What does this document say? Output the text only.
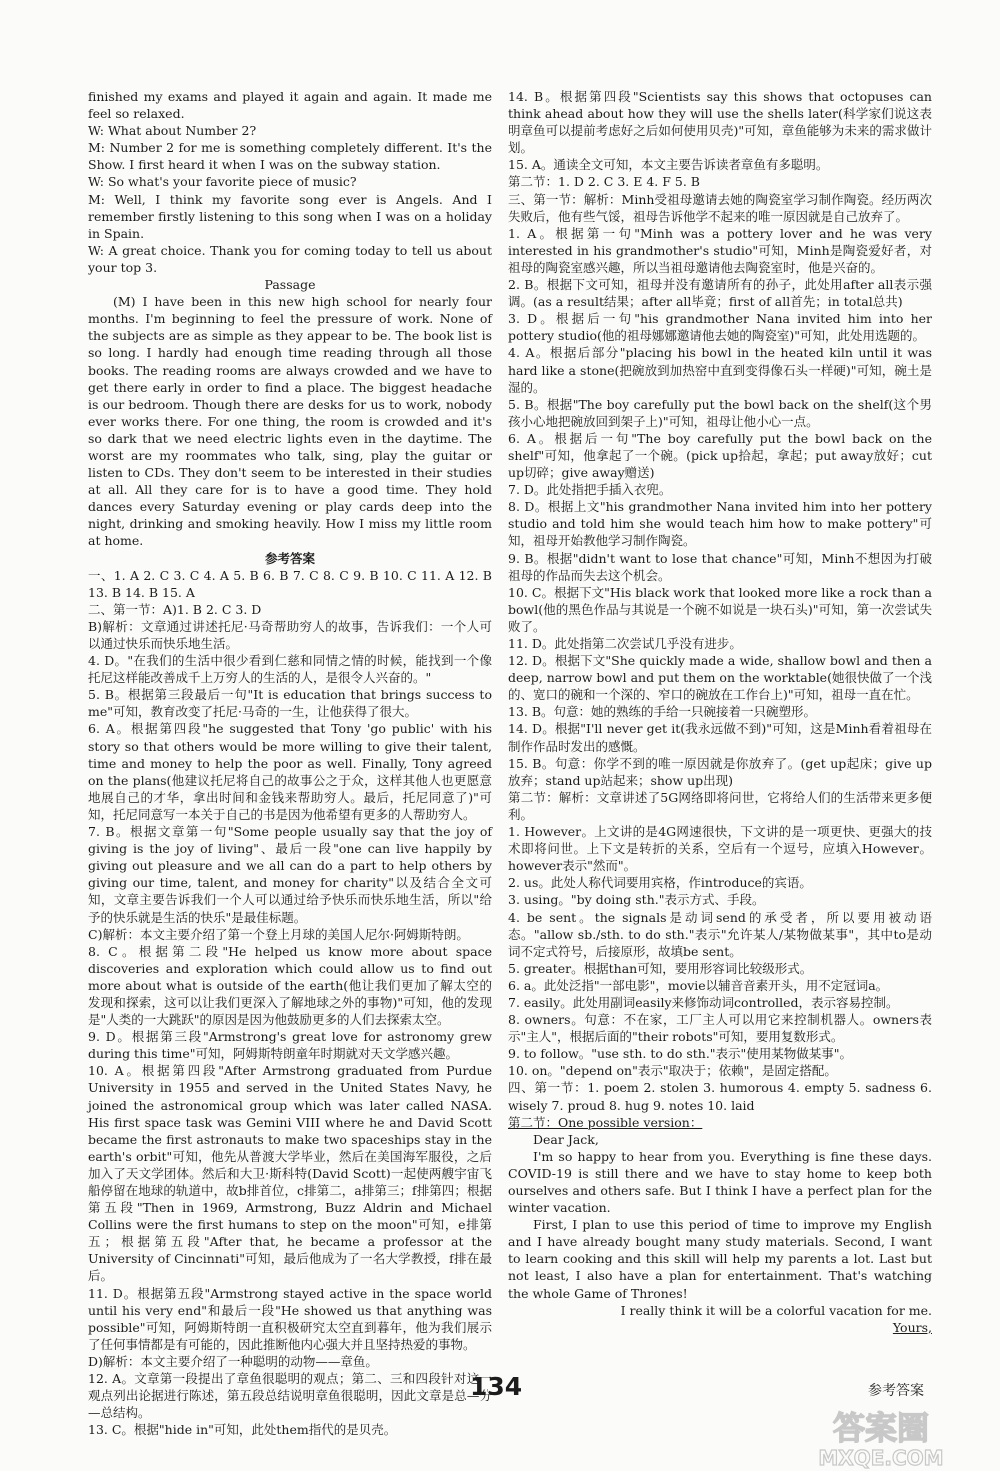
finished my exams and played it again and again. It made me feel so relaxed.

W: What about Number 2?

M: Number 2 for me is something completely different. It's the Show. I first heard it when I was on the subway station.

W: So what's your favorite piece of music?

M: Well, I think my favorite song ever is Angels. And I remember firstly listening to this song when I was on a holiday in Spain.

W: A great choice. Thank you for coming today to tell us about your top 3.

Passage

(M) I have been in this new high school for nearly four months. I'm beginning to feel the pressure of work. None of the subjects are as simple as they appear to be. The book list is so long. I hardly had enough time reading through all those books. The reading rooms are always crowded and we have to get there early in order to find a place. The biggest headache is our bedroom. Though there are desks for us to work, nobody ever works there. For one thing, the room is crowded and it's so dark that we need electric lights even in the daytime. The worst are my roommates who talk, sing, play the guitar or listen to CDs. They don't seem to be interested in their studies at all. All they care for is to have a good time. They hold dances every Saturday evening or play cards deep into the night, drinking and smoking heavily. How I miss my little room at home.

参考答案

一、1. A 2. C 3. C 4. A 5. B 6. B 7. C 8. C 9. B 10. C 11. A 12. B 13. B 14. B 15. A

二、第一节：A)1. B 2. C 3. D

B)解析：文章通过讲述托尼·马奇帮助穷人的故事，告诉我们：一个人可以通过快乐而快乐地生活。

4. D。"在我们的生活中很少看到仁慈和同情之情的时候，能找到一个像托尼这样能改善成千上万穷人的生活的人，是很令人兴奋的。"

5. B。根据第三段最后一句"It is education that brings success to me"可知，教育改变了托尼·马奇的一生，让他获得了很大。

6. A。根据第四段"he suggested that Tony 'go public' with his story so that others would be more willing to give their talent, time and money to help the poor as well. Finally, Tony agreed on the plans(他建议托尼将自己的故事公之于众，这样其他人也更愿意地展自己的才华，拿出时间和金钱来帮助穷人。最后，托尼同意了)"可知，托尼同意写一本关于自己的书是因为他希望有更多的人帮助穷人。

7. B。根据文章第一句"Some people usually say that the joy of giving is the joy of living"、最后一段"one can live happily by giving out pleasure and we all can do a part to help others by giving our time, talent, and money for charity"以及结合全文可知，文章主要告诉我们一个人可以通过给予快乐而快乐地生活，所以"给予的快乐就是生活的快乐"是最佳标题。

C)解析：本文主要介绍了第一个登上月球的美国人尼尔·阿姆斯特朗。

8. C。根据第二段"He helped us know more about space discoveries and exploration which could allow us to find out more about what is outside of the earth(他让我们更加了解太空的发现和探索，这可以让我们更深入了解地球之外的事物)"可知，他的发现是"人类的一大跳跃"的原因是因为他鼓励更多的人们去探索太空。

9. D。根据第三段"Armstrong's great love for astronomy grew during this time"可知，阿姆斯特朗童年时期就对天文学感兴趣。

10. A。根据第四段"After Armstrong graduated from Purdue University in 1955 and served in the United States Navy, he joined the astronomical group which was later called NASA. His first space task was Gemini VIII where he and David Scott became the first astronauts to make two spaceships stay in the earth's orbit"可知，他先从普渡大学毕业，然后在美国海军服役，之后加入了天文学团体。然后和大卫·斯科特(David Scott)一起使两艘宇宙飞船停留在地球的轨道中，故b排首位，c排第二，a排第三；f排第四；根据第五段"Then in 1969, Armstrong, Buzz Aldrin and Michael Collins were the first humans to step on the moon"可知，e排第五；根据第五段"After that, he became a professor at the University of Cincinnati"可知，最后他成为了一名大学教授，f排在最后。

11. D。根据第五段"Armstrong stayed active in the space world until his very end"和最后一段"He showed us that anything was possible"可知，阿姆斯特朗一直积极研究太空直到暮年，他为我们展示了任何事情都是有可能的，因此推断他内心强大并且坚持热爱的事物。

D)解析：本文主要介绍了一种聪明的动物——章鱼。

12. A。文章第一段提出了章鱼很聪明的观点；第二、三和四段针对这一观点列出论据进行陈述，第五段总结说明章鱼很聪明，因此文章是总—分—总结构。

13. C。根据"hide in"可知，此处them指代的是贝壳。

14. B。根据第四段"Scientists say this shows that octopuses can think ahead about how they will use the shells later(科学家们说这表明章鱼可以提前考虑好之后如何使用贝壳)"可知，章鱼能够为未来的需求做计划。

15. A。通读全文可知，本文主要告诉读者章鱼有多聪明。

第二节：1. D 2. C 3. E 4. F 5. B

三、第一节：解析：Minh受祖母邀请去她的陶瓷室学习制作陶瓷。经历两次失败后，他有些气馁，祖母告诉他学不起来的唯一原因就是自己放弃了。

1. A。根据第一句"Minh was a pottery lover and he was very interested in his grandmother's studio"可知，Minh是陶瓷爱好者，对祖母的陶瓷室感兴趣，所以当祖母邀请他去陶瓷室时，他是兴奋的。

2. B。根据下文可知，祖母并没有邀请所有的孙子，此处用after all表示强调。(as a result结果；after all毕竟；first of all首先；in total总共)

3. D。根据后一句"his grandmother Nana invited him into her pottery studio(他的祖母娜娜邀请他去她的陶瓷室)"可知，此处用选题的。

4. A。根据后部分"placing his bowl in the heated kiln until it was hard like a stone(把碗放到加热窑中直到变得像石头一样硬)"可知，碗土是湿的。

5. B。根据"The boy carefully put the bowl back on the shelf(这个男孩小心地把碗放回到架子上)"可知，祖母让他小心一点。

6. A。根据后一句"The boy carefully put the bowl back on the shelf"可知，他拿起了一个碗。(pick up拾起，拿起；put away放好；cut up切碎；give away赠送)

7. D。此处指把手插入衣兜。

8. D。根据上文"his grandmother Nana invited him into her pottery studio and told him she would teach him how to make pottery"可知，祖母开始教他学习制作陶瓷。

9. B。根据"didn't want to lose that chance"可知，Minh不想因为打破祖母的作品而失去这个机会。

10. C。根据下文"His black work that looked more like a rock than a bowl(他的黑色作品与其说是一个碗不如说是一块石头)"可知，第一次尝试失败了。

11. D。此处指第二次尝试几乎没有进步。

12. D。根据下文"She quickly made a wide, shallow bowl and then a deep, narrow bowl and put them on the worktable(她很快做了一个浅的、宽口的碗和一个深的、窄口的碗放在工作台上)"可知，祖母一直在忙。

13. B。句意：她的熟练的手给一只碗接着一只碗塑形。

14. D。根据"I'll never get it(我永远做不到)"可知，这是Minh看着祖母在制作作品时发出的感慨。

15. B。句意：你学不到的唯一原因就是你放弃了。(get up起床；give up放弃；stand up站起来；show up出现)

第二节：解析：文章讲述了5G网络即将问世，它将给人们的生活带来更多便利。

1. However。上文讲的是4G网速很快，下文讲的是一项更快、更强大的技术即将问世。上下文是转折的关系，空后有一个逗号，应填入However。however表示"然而"。

2. us。此处人称代词要用宾格，作introduce的宾语。

3. using。"by doing sth."表示方式、手段。

4. be sent。the signals是动词send的承受者，所以要用被动语态。"allow sb./sth. to do sth."表示"允许某人/某物做某事"，其中to是动词不定式符号，后接原形，故填be sent。

5. greater。根据than可知，要用形容词比较级形式。

6. a。此处泛指"一部电影"，movie以辅音音素开头，用不定冠词a。

7. easily。此处用副词easily来修饰动词controlled，表示容易控制。

8. owners。句意：不在家，工厂主人可以用它来控制机器人。owners表示"主人"，根据后面的"their robots"可知，要用复数形式。

9. to follow。"use sth. to do sth."表示"使用某物做某事"。

10. on。"depend on"表示"取决于；依赖"，是固定搭配。

四、第一节：1. poem 2. stolen 3. humorous 4. empty 5. sadness 6. wisely 7. proud 8. hug 9. notes 10. laid

第二节：One possible version：

Dear Jack,

I'm so happy to hear from you. Everything is fine these days. COVID-19 is still there and we have to stay home to keep both ourselves and others safe. But I think I have a perfect plan for the winter vacation.

First, I plan to use this period of time to improve my English and I have already bought many study materials. Second, I want to learn cooking and this skill will help my parents a lot. Last but not least, I also have a plan for entertainment. That's watching the whole Game of Thrones!

I really think it will be a colorful vacation for me.

Yours,

134	参考答案
答案圈
MXQE.COM
